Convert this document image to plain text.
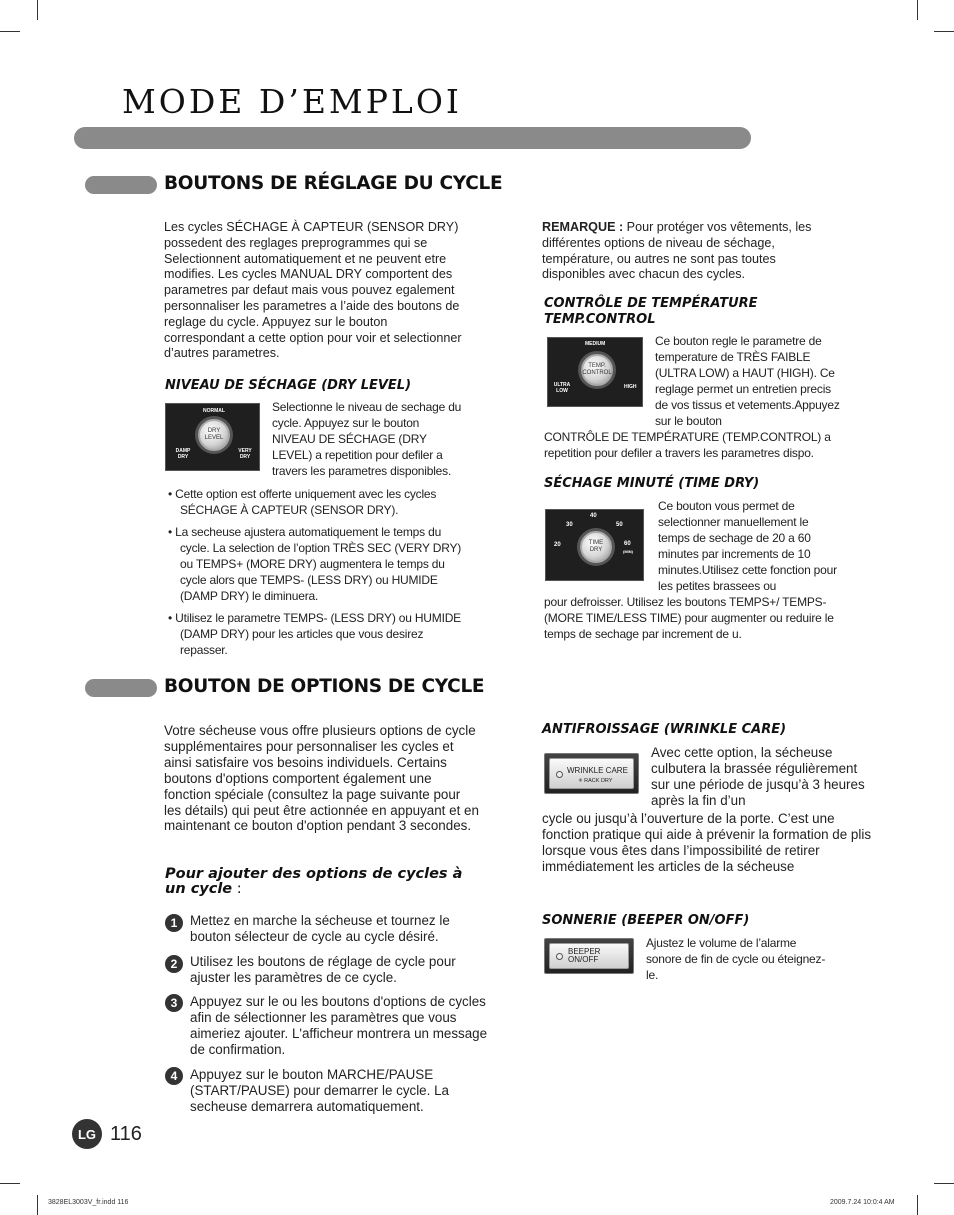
MODE D’EMPLOI
BOUTONS DE RÉGLAGE DU CYCLE
Les cycles SÉCHAGE À CAPTEUR (SENSOR DRY) possedent des reglages preprogrammes qui se Selectionnent automatiquement et ne peuvent etre modifies. Les cycles MANUAL DRY comportent des parametres par defaut mais vous pouvez egalement personnaliser les parametres a l’aide des boutons de reglage du cycle. Appuyez sur le bouton correspondant a cette option pour voir et selectionner d’autres parametres.
NIVEAU DE SÉCHAGE (DRY LEVEL)
NORMAL
DAMP DRY
VERY DRY
DRY LEVEL
Selectionne le niveau de sechage du cycle. Appuyez sur le bouton NIVEAU DE SÉCHAGE (DRY LEVEL) a repetition pour defiler a travers les parametres disponibles.
• Cette option est offerte uniquement avec les cycles SÉCHAGE À CAPTEUR (SENSOR DRY).
• La secheuse ajustera automatiquement le temps du cycle. La selection de l’option TRÈS SEC (VERY DRY) ou TEMPS+ (MORE DRY) augmentera le temps du cycle alors que TEMPS- (LESS DRY) ou HUMIDE (DAMP DRY) le diminuera.
• Utilisez le parametre TEMPS- (LESS DRY) ou HUMIDE (DAMP DRY) pour les articles que vous desirez repasser.
REMARQUE : Pour protéger vos vêtements, les différentes options de niveau de séchage, température, ou autres ne sont pas toutes disponibles avec chacun des cycles.
CONTRÔLE DE TEMPÉRATURE
TEMP.CONTROL
MEDIUM
ULTRA LOW
HIGH
TEMP. CONTROL
Ce bouton regle le parametre de temperature de TRÈS FAIBLE (ULTRA LOW) a HAUT (HIGH). Ce reglage permet un entretien precis de vos tissus et vetements.Appuyez sur le bouton
CONTRÔLE DE TEMPÉRATURE (TEMP.CONTROL) a repetition pour defiler a travers les parametres dispo.
SÉCHAGE MINUTÉ (TIME DRY)
40
30	50
20	60
(MIN)
TIME DRY
Ce bouton vous permet de selectionner manuellement le temps de sechage de 20 a 60 minutes par increments de 10 minutes.Utilisez cette fonction pour les petites brassees ou
pour defroisser. Utilisez les boutons TEMPS+/ TEMPS- (MORE TIME/LESS TIME) pour augmenter ou reduire le temps de sechage par increment de u.
BOUTON DE OPTIONS DE CYCLE
Votre sécheuse vous offre plusieurs options de cycle supplémentaires pour personnaliser les cycles et ainsi satisfaire vos besoins individuels. Certains boutons d'options comportent également une fonction spéciale (consultez la page suivante pour les détails) qui peut être actionnée en appuyant et en maintenant ce bouton d'option pendant 3 secondes.
Pour ajouter des options de cycles à un cycle :
1 Mettez en marche la sécheuse et tournez le bouton sélecteur de cycle au cycle désiré.
2 Utilisez les boutons de réglage de cycle pour ajuster les paramètres de ce cycle.
3 Appuyez sur le ou les boutons d'options de cycles afin de sélectionner les paramètres que vous aimeriez ajouter. L'afficheur montrera un message de confirmation.
4 Appuyez sur le bouton MARCHE/PAUSE (START/PAUSE) pour demarrer le cycle. La secheuse demarrera automatiquement.
ANTIFROISSAGE (WRINKLE CARE)
WRINKLE CARE
✳ RACK DRY
Avec cette option, la sécheuse culbutera la brassée régulièrement sur une période de jusqu’à 3 heures après la fin d’un
cycle ou jusqu’à l’ouverture de la porte. C’est une fonction pratique qui aide à prévenir la formation de plis lorsque vous êtes dans l’impossibilité de retirer immédiatement les articles de la sécheuse
SONNERIE (BEEPER ON/OFF)
BEEPER
ON/OFF
Ajustez le volume de l’alarme sonore de fin de cycle ou éteignez-le.
LG 116
3828EL3003V_fr.indd 116	2009.7.24 10:0:4 AM
